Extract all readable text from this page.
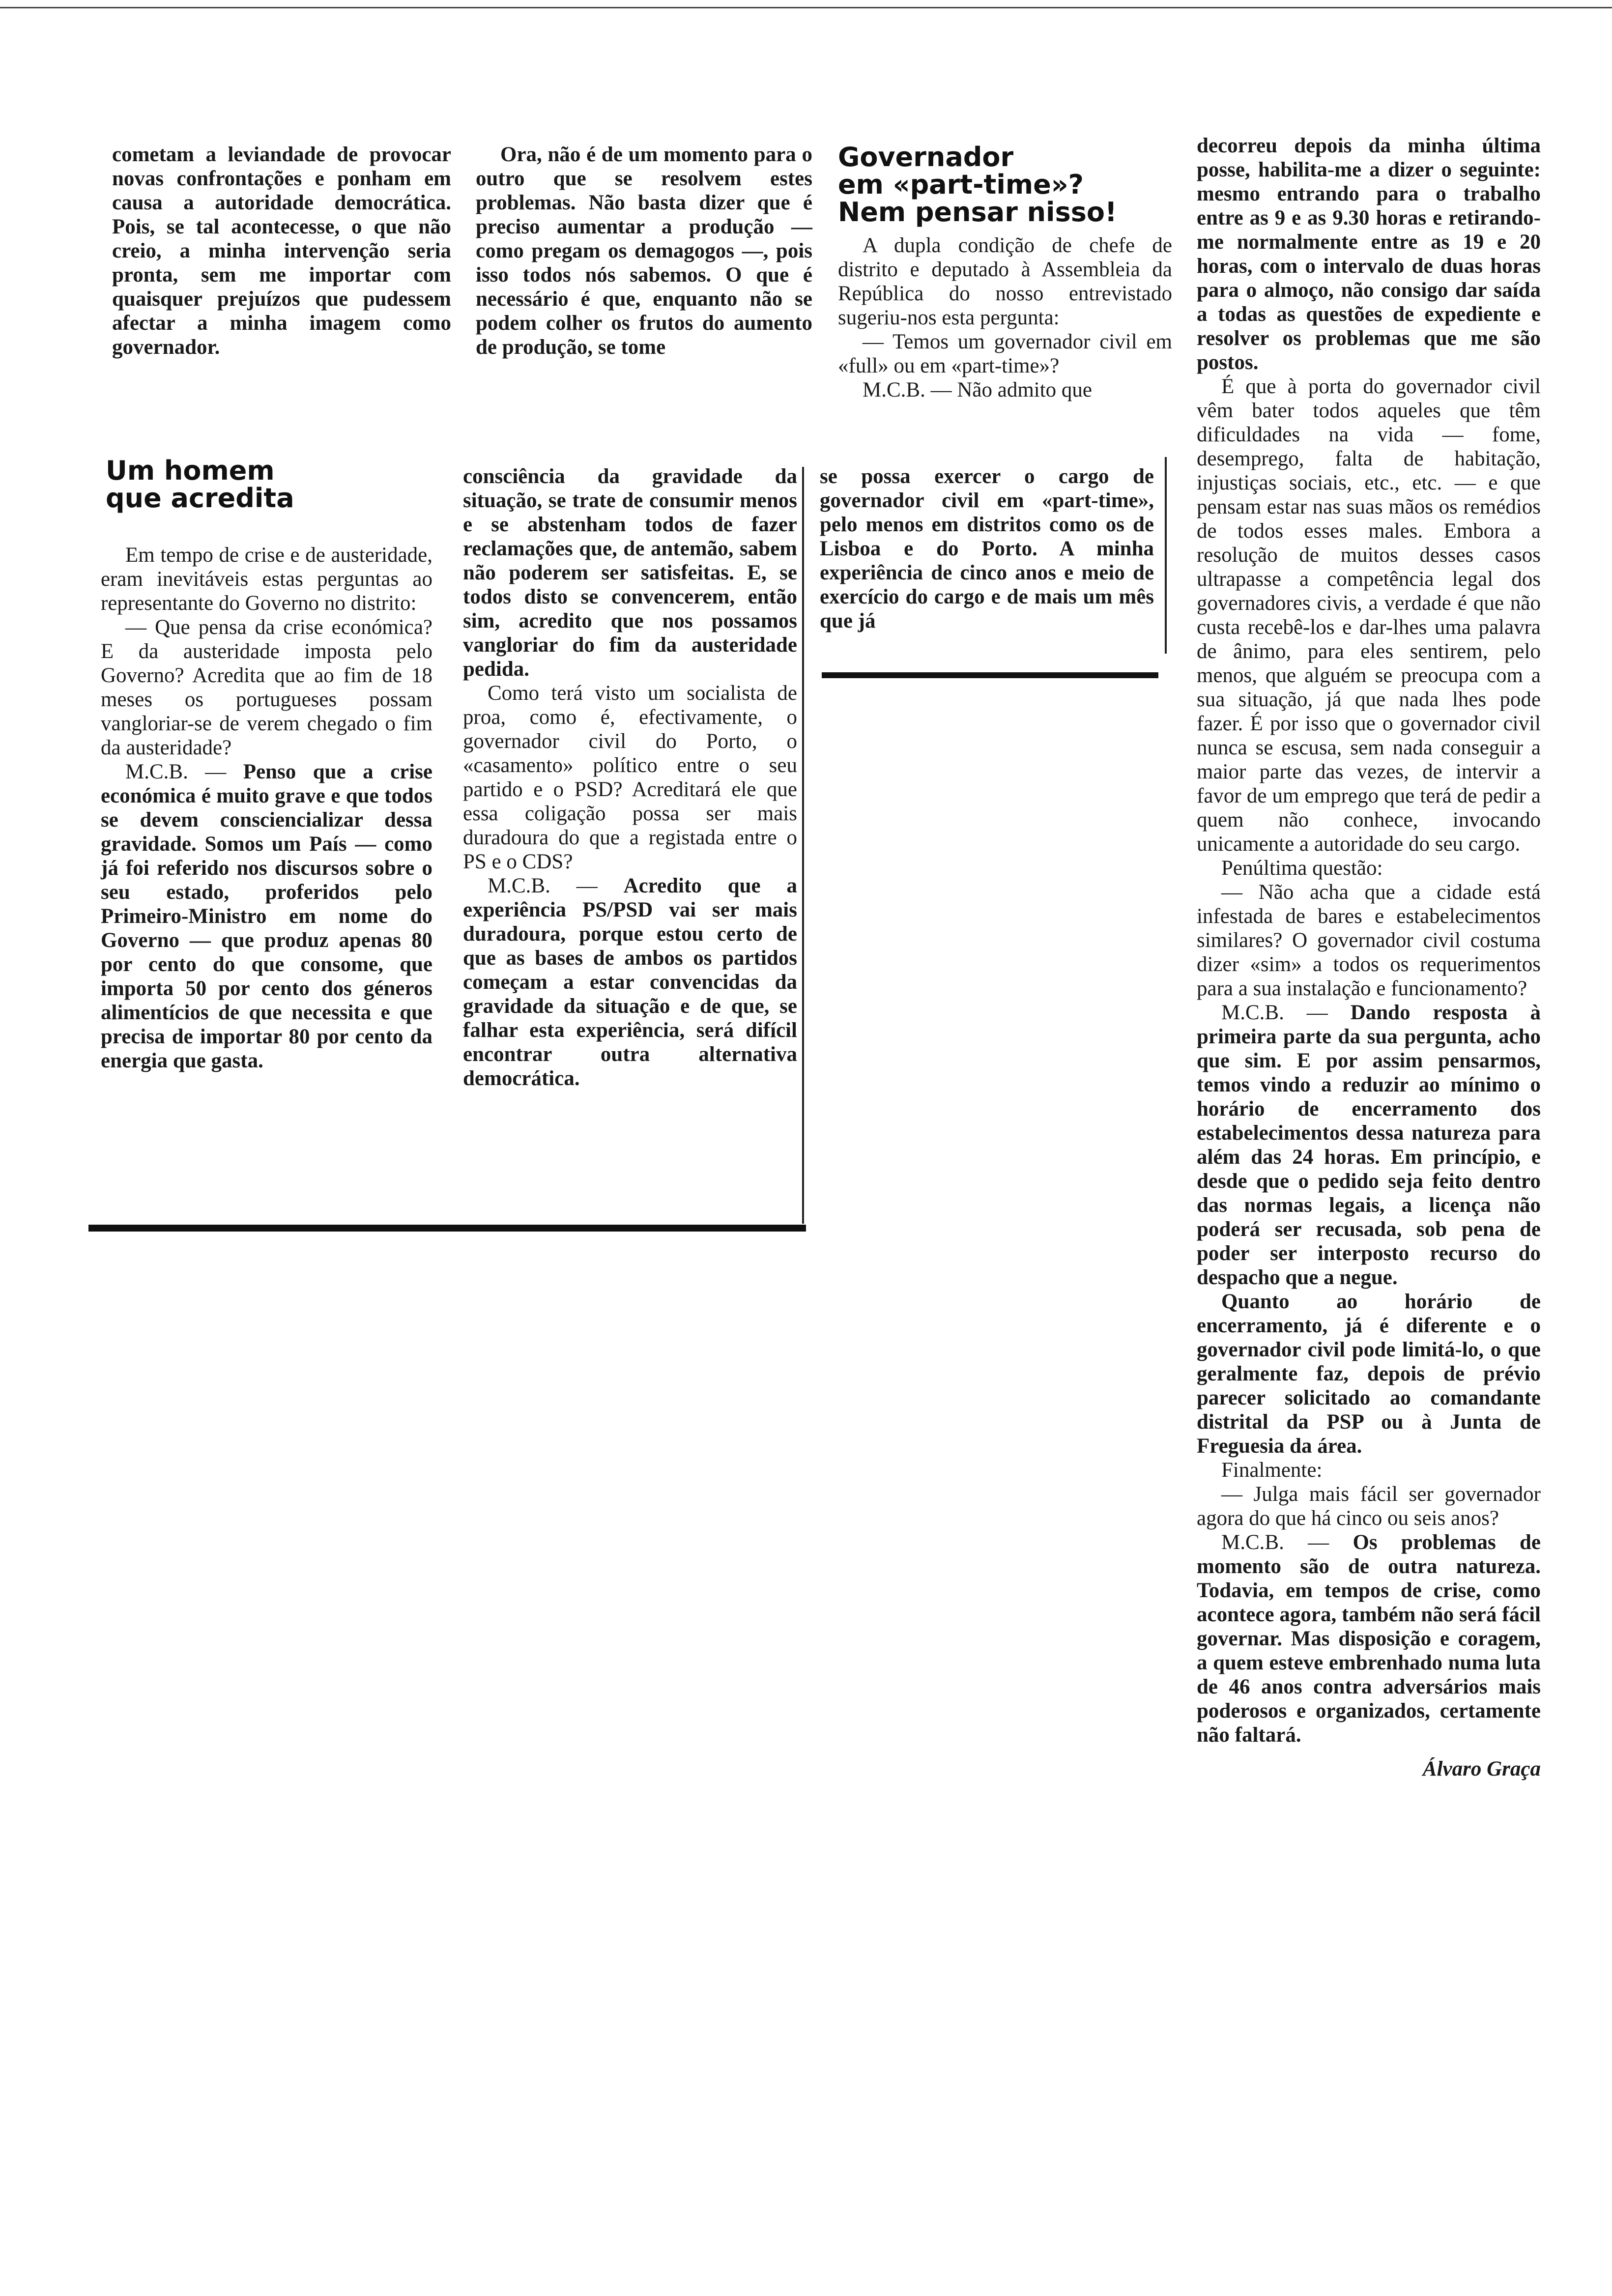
cometam a leviandade de provocar novas confrontações e ponham em causa a autoridade democrática. Pois, se tal acontecesse, o que não creio, a minha intervenção seria pronta, sem me importar com quaisquer prejuízos que pudessem afectar a minha imagem como governador.

Ora, não é de um momento para o outro que se resolvem estes problemas. Não basta dizer que é preciso aumentar a produção — como pregam os demagogos —, pois isso todos nós sabemos. O que é necessário é que, enquanto não se podem colher os frutos do aumento de produção, se tome

Governador
em «part-time»?
Nem pensar nisso!

A dupla condição de chefe de distrito e deputado à Assembleia da República do nosso entrevistado sugeriu-nos esta pergunta:

— Temos um governador civil em «full» ou em «part-time»?

M.C.B. — Não admito que

se possa exercer o cargo de governador civil em «part-time», pelo menos em distritos como os de Lisboa e do Porto. A minha experiência de cinco anos e meio de exercício do cargo e de mais um mês que já

Um homem
que acredita

Em tempo de crise e de austeridade, eram inevitáveis estas perguntas ao representante do Governo no distrito:

— Que pensa da crise económica? E da austeridade imposta pelo Governo? Acredita que ao fim de 18 meses os portugueses possam vangloriar-se de verem chegado o fim da austeridade?

M.C.B. — Penso que a crise económica é muito grave e que todos se devem consciencializar dessa gravidade. Somos um País — como já foi referido nos discursos sobre o seu estado, proferidos pelo Primeiro-Ministro em nome do Governo — que produz apenas 80 por cento do que consome, que importa 50 por cento dos géneros alimentícios de que necessita e que precisa de importar 80 por cento da energia que gasta.

consciência da gravidade da situação, se trate de consumir menos e se abstenham todos de fazer reclamações que, de antemão, sabem não poderem ser satisfeitas. E, se todos disto se convencerem, então sim, acredito que nos possamos vangloriar do fim da austeridade pedida.

Como terá visto um socialista de proa, como é, efectivamente, o governador civil do Porto, o «casamento» político entre o seu partido e o PSD? Acreditará ele que essa coligação possa ser mais duradoura do que a registada entre o PS e o CDS?

M.C.B. — Acredito que a experiência PS/PSD vai ser mais duradoura, porque estou certo de que as bases de ambos os partidos começam a estar convencidas da gravidade da situação e de que, se falhar esta experiência, será difícil encontrar outra alternativa democrática.

decorreu depois da minha última posse, habilita-me a dizer o seguinte: mesmo entrando para o trabalho entre as 9 e as 9.30 horas e retirando-me normalmente entre as 19 e 20 horas, com o intervalo de duas horas para o almoço, não consigo dar saída a todas as questões de expediente e resolver os problemas que me são postos.

É que à porta do governador civil vêm bater todos aqueles que têm dificuldades na vida — fome, desemprego, falta de habitação, injustiças sociais, etc., etc. — e que pensam estar nas suas mãos os remédios de todos esses males. Embora a resolução de muitos desses casos ultrapasse a competência legal dos governadores civis, a verdade é que não custa recebê-los e dar-lhes uma palavra de ânimo, para eles sentirem, pelo menos, que alguém se preocupa com a sua situação, já que nada lhes pode fazer. É por isso que o governador civil nunca se escusa, sem nada conseguir a maior parte das vezes, de intervir a favor de um emprego que terá de pedir a quem não conhece, invocando unicamente a autoridade do seu cargo.

Penúltima questão:

— Não acha que a cidade está infestada de bares e estabelecimentos similares? O governador civil costuma dizer «sim» a todos os requerimentos para a sua instalação e funcionamento?

M.C.B. — Dando resposta à primeira parte da sua pergunta, acho que sim. E por assim pensarmos, temos vindo a reduzir ao mínimo o horário de encerramento dos estabelecimentos dessa natureza para além das 24 horas. Em princípio, e desde que o pedido seja feito dentro das normas legais, a licença não poderá ser recusada, sob pena de poder ser interposto recurso do despacho que a negue.

Quanto ao horário de encerramento, já é diferente e o governador civil pode limitá-lo, o que geralmente faz, depois de prévio parecer solicitado ao comandante distrital da PSP ou à Junta de Freguesia da área.

Finalmente:

— Julga mais fácil ser governador agora do que há cinco ou seis anos?

M.C.B. — Os problemas de momento são de outra natureza. Todavia, em tempos de crise, como acontece agora, também não será fácil governar. Mas disposição e coragem, a quem esteve embrenhado numa luta de 46 anos contra adversários mais poderosos e organizados, certamente não faltará.

Álvaro Graça
